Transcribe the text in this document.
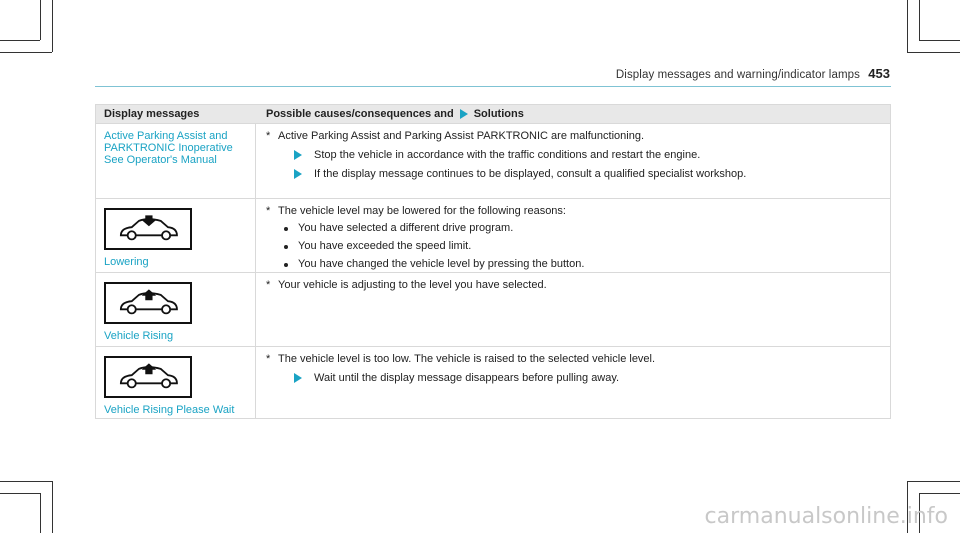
Display messages and warning/indicator lamps 453
Display messages	Possible causes/consequences and Solutions
Active Parking Assist and
PARKTRONIC Inoperative
See Operator's Manual
* Active Parking Assist and Parking Assist PARKTRONIC are malfunctioning.
Stop the vehicle in accordance with the traffic conditions and restart the engine.
If the display message continues to be displayed, consult a qualified specialist workshop.
Lowering
* The vehicle level may be lowered for the following reasons:
You have selected a different drive program.
You have exceeded the speed limit.
You have changed the vehicle level by pressing the button.
Vehicle Rising
* Your vehicle is adjusting to the level you have selected.
Vehicle Rising Please Wait
* The vehicle level is too low. The vehicle is raised to the selected vehicle level.
Wait until the display message disappears before pulling away.
carmanualsonline.info
